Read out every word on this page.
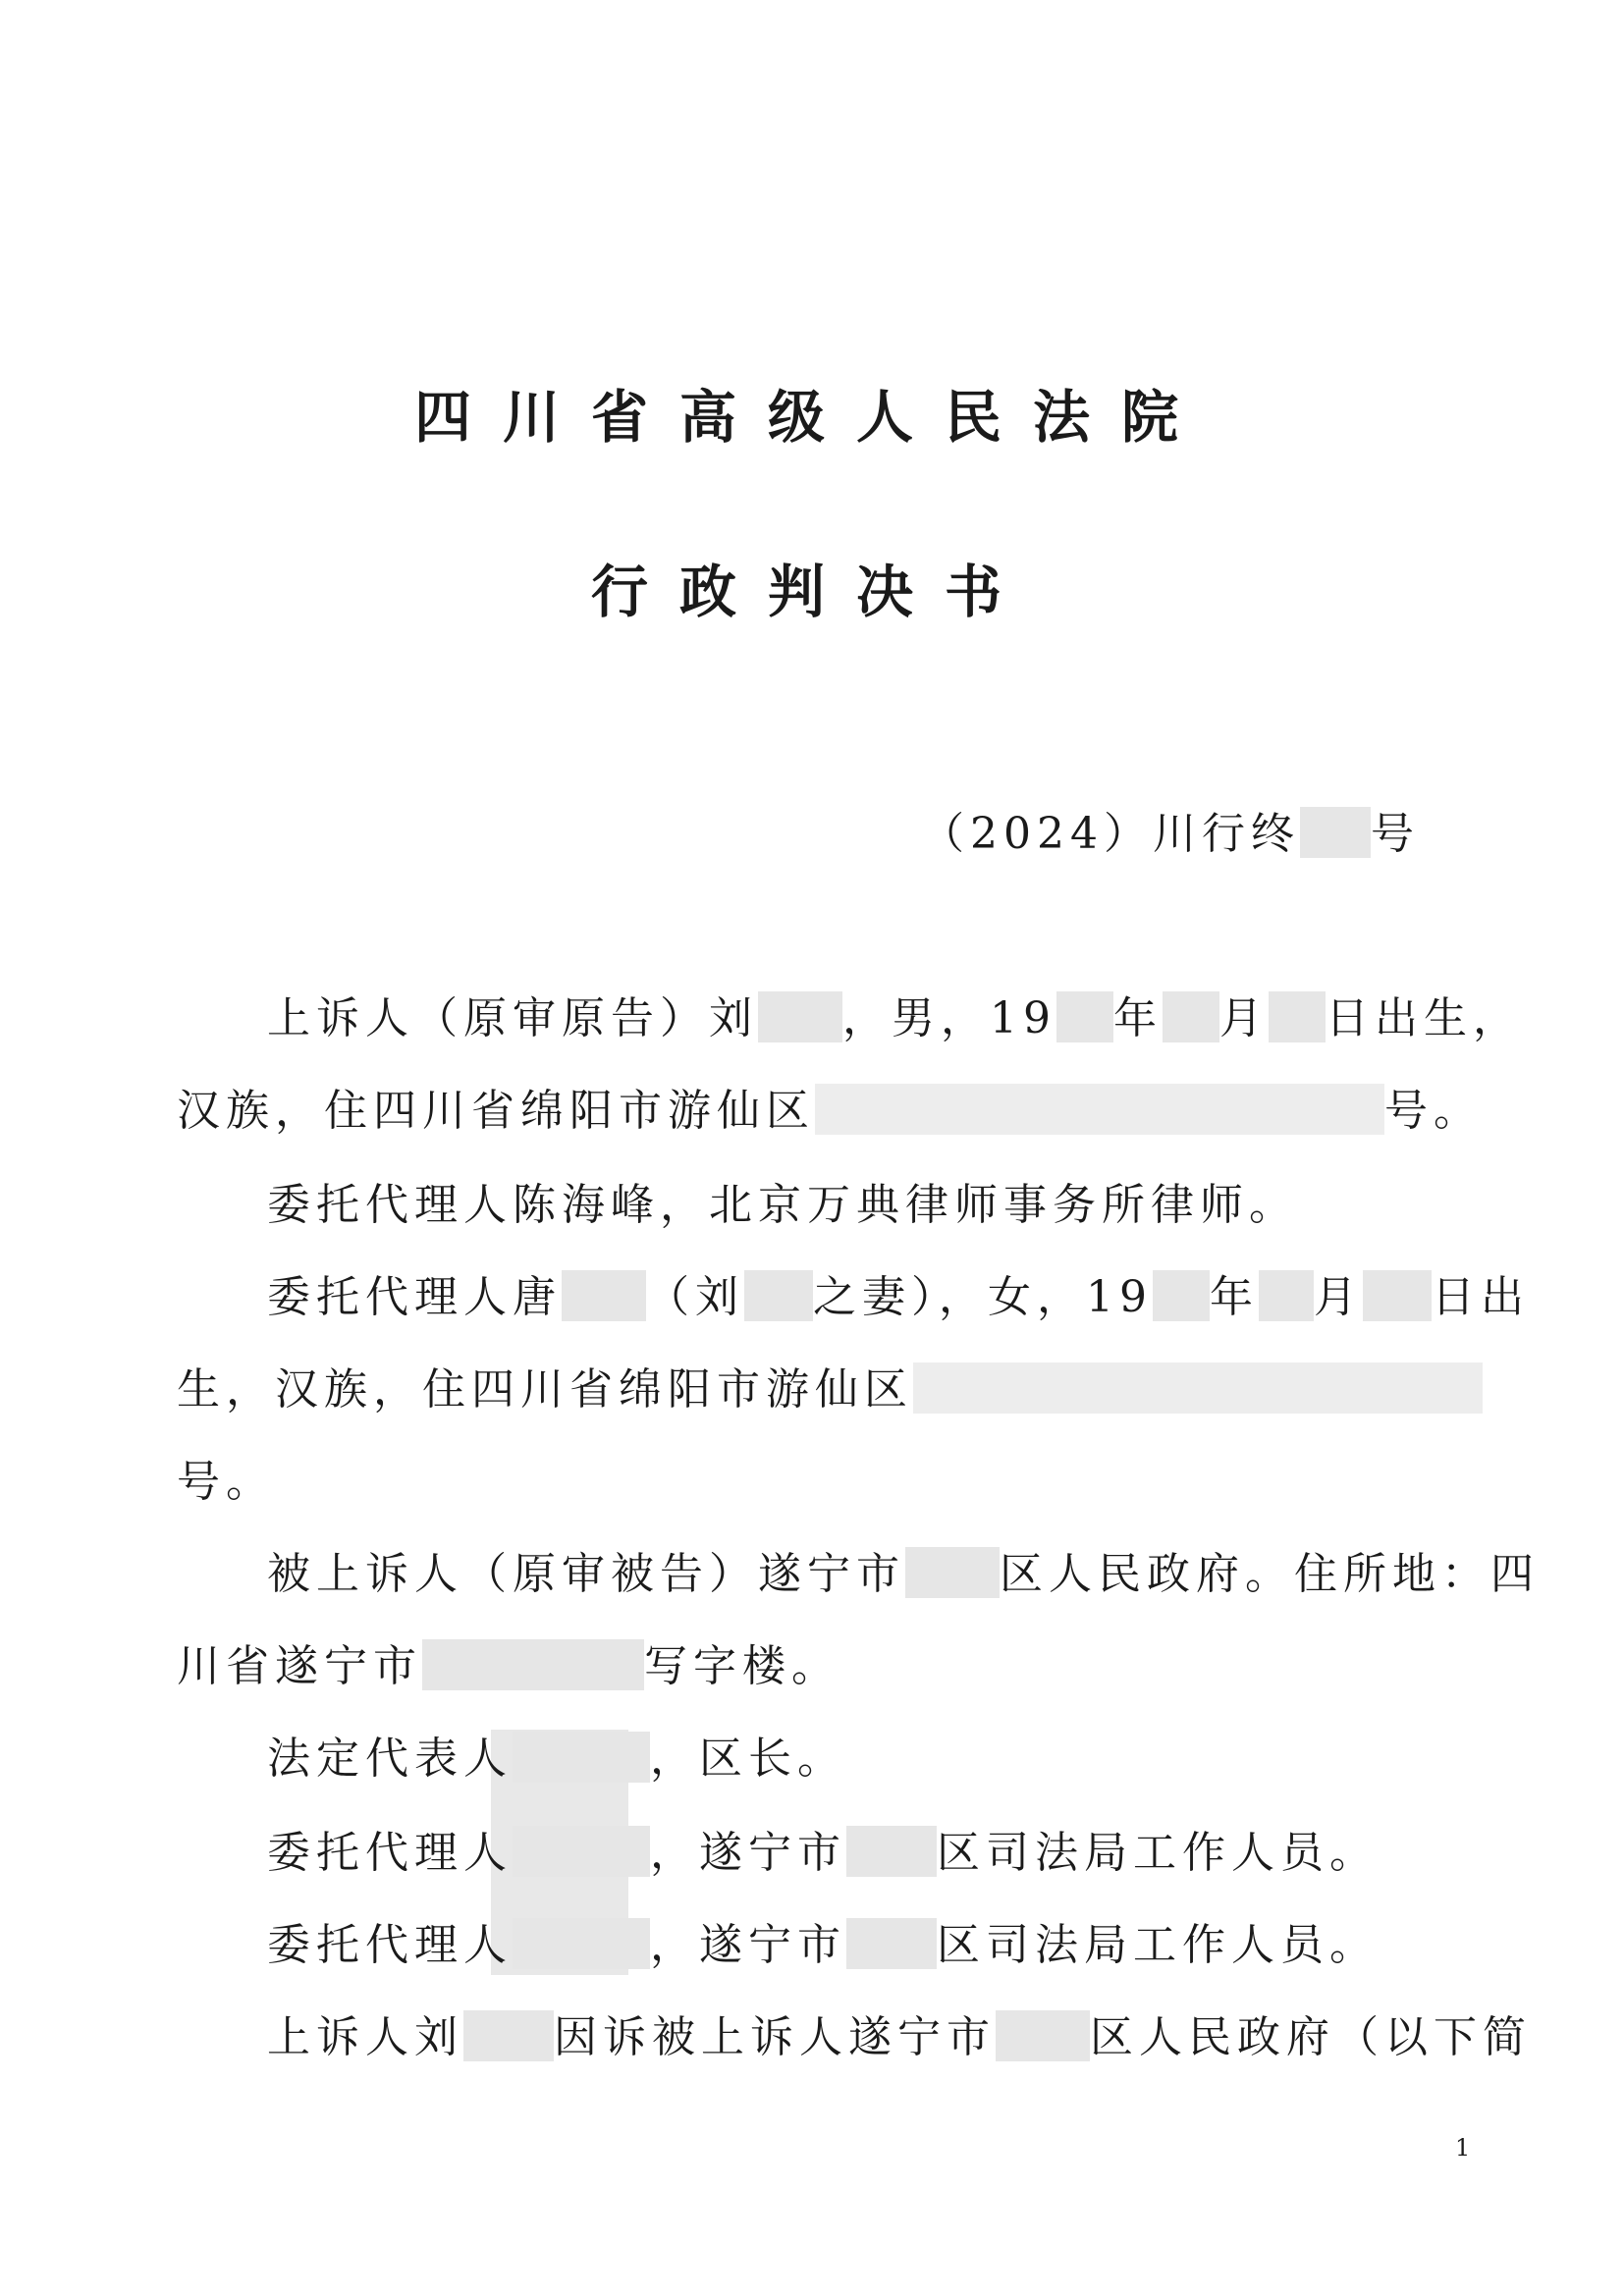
四川省高级人民法院
行政判决书
（2024）川行终 号
上诉人（原审原告）刘 ，男，19 年 月 日出生，
汉族，住四川省绵阳市游仙区	号。
委托代理人陈海峰，北京万典律师事务所律师。
委托代理人唐 （刘 之妻），女，19 年 月 日出
生，汉族，住四川省绵阳市游仙区
号。
被上诉人（原审被告）遂宁市 区人民政府。住所地：四
川省遂宁市	写字楼。
法定代表人	，区长。
委托代理人	，遂宁市 区司法局工作人员。
委托代理人	，遂宁市 区司法局工作人员。
上诉人刘 因诉被上诉人遂宁市 区人民政府（以下简
1
